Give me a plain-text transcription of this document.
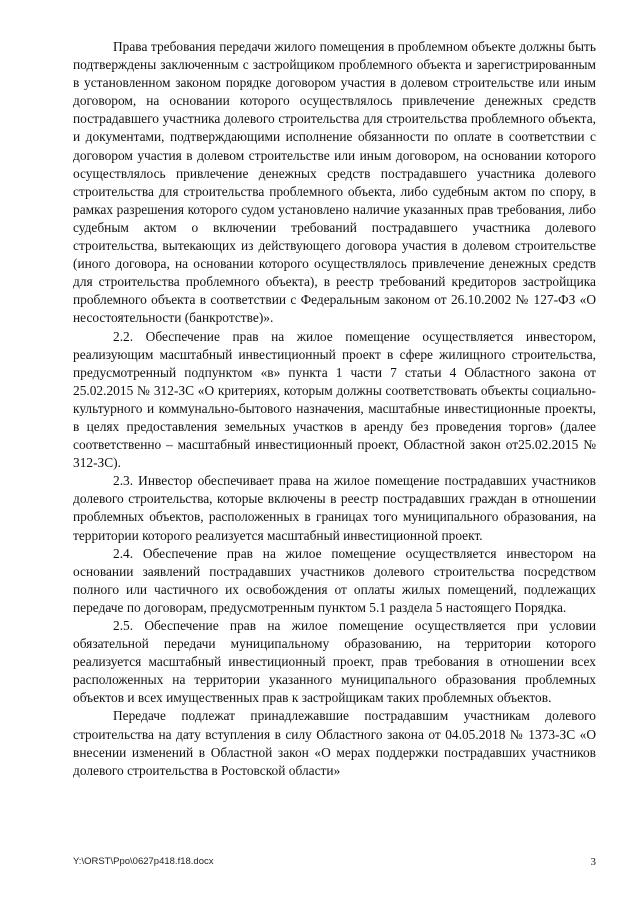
Права требования передачи жилого помещения в проблемном объекте должны быть подтверждены заключенным с застройщиком проблемного объекта и зарегистрированным в установленном законом порядке договором участия в долевом строительстве или иным договором, на основании которого осуществлялось привлечение денежных средств пострадавшего участника долевого строительства для строительства проблемного объекта, и документами, подтверждающими исполнение обязанности по оплате в соответствии с договором участия в долевом строительстве или иным договором, на основании которого осуществлялось привлечение денежных средств пострадавшего участника долевого строительства для строительства проблемного объекта, либо судебным актом по спору, в рамках разрешения которого судом установлено наличие указанных прав требования, либо судебным актом о включении требований пострадавшего участника долевого строительства, вытекающих из действующего договора участия в долевом строительстве (иного договора, на основании которого осуществлялось привлечение денежных средств для строительства проблемного объекта), в реестр требований кредиторов застройщика проблемного объекта в соответствии с Федеральным законом от 26.10.2002 № 127-ФЗ «О несостоятельности (банкротстве)».

2.2. Обеспечение прав на жилое помещение осуществляется инвестором, реализующим масштабный инвестиционный проект в сфере жилищного строительства, предусмотренный подпунктом «в» пункта 1 части 7 статьи 4 Областного закона от 25.02.2015 № 312-ЗС «О критериях, которым должны соответствовать объекты социально-культурного и коммунально-бытового назначения, масштабные инвестиционные проекты, в целях предоставления земельных участков в аренду без проведения торгов» (далее соответственно – масштабный инвестиционный проект, Областной закон от25.02.2015 № 312-ЗС).

2.3. Инвестор обеспечивает права на жилое помещение пострадавших участников долевого строительства, которые включены в реестр пострадавших граждан в отношении проблемных объектов, расположенных в границах того муниципального образования, на территории которого реализуется масштабный инвестиционной проект.

2.4. Обеспечение прав на жилое помещение осуществляется инвестором на основании заявлений пострадавших участников долевого строительства посредством полного или частичного их освобождения от оплаты жилых помещений, подлежащих передаче по договорам, предусмотренным пунктом 5.1 раздела 5 настоящего Порядка.

2.5. Обеспечение прав на жилое помещение осуществляется при условии обязательной передачи муниципальному образованию, на территории которого реализуется масштабный инвестиционный проект, прав требования в отношении всех расположенных на территории указанного муниципального образования проблемных объектов и всех имущественных прав к застройщикам таких проблемных объектов.

Передаче подлежат принадлежавшие пострадавшим участникам долевого строительства на дату вступления в силу Областного закона от 04.05.2018 № 1373-ЗС «О внесении изменений в Областной закон «О мерах поддержки пострадавших участников долевого строительства в Ростовской области»

Y:\ORST\Ppo\0627p418.f18.docx	3
